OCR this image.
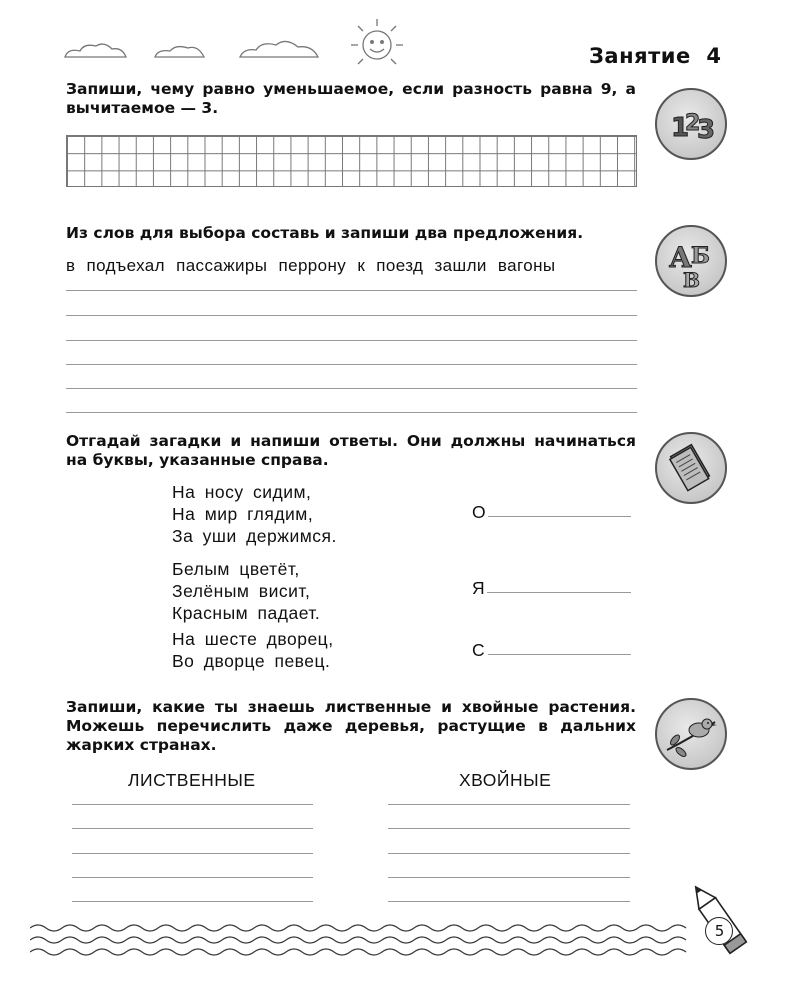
Занятие  4
Запиши, чему равно уменьшаемое, если разность равна 9, а вычитаемое — 3.
1
2
3
Из слов для выбора составь и запиши два предложения.
в подъехал пассажиры перрону к поезд зашли вагоны	А Б
В
Отгадай загадки и напиши ответы. Они должны начинаться на буквы, указанные справа.
На носу сидим,
На мир глядим,
За уши держимся.
О
Белым цветёт,
Зелёным висит,
Красным падает.
Я
На шесте дворец,
Во дворце певец.
С
Запиши, какие ты знаешь лиственные и хвойные растения. Можешь перечислить даже деревья, растущие в дальних жарких странах.
ЛИСТВЕННЫЕ	ХВОЙНЫЕ
5
